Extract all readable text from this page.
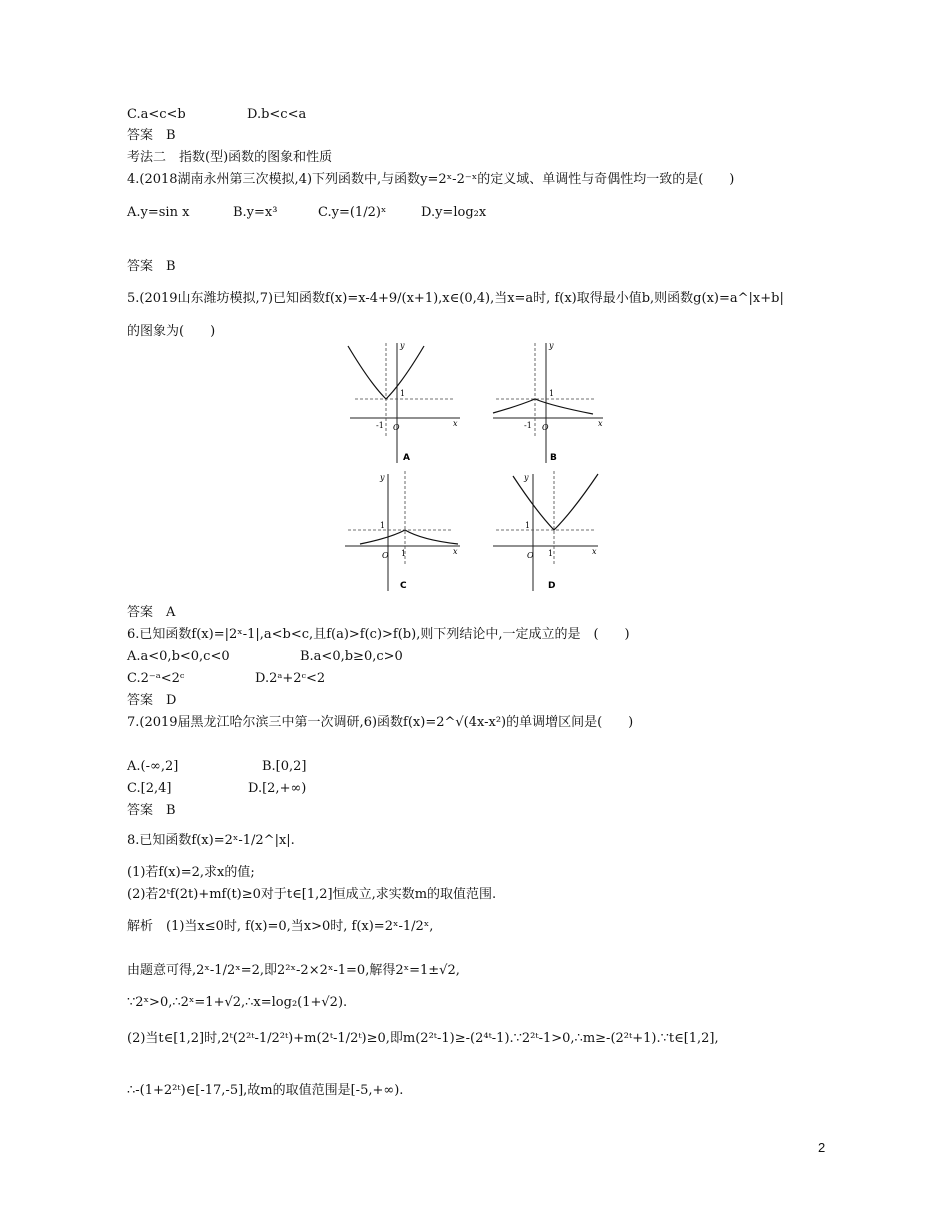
C.a<c<b	D.b<c<a
答案　B
考法二　指数(型)函数的图象和性质
4.(2018湖南永州第三次模拟,4)下列函数中,与函数y=2ˣ-2⁻ˣ的定义域、单调性与奇偶性均一致的是(　　)
A.y=sin x	B.y=x³	C.y=(1/2)ˣ	D.y=log₂x
答案　B
5.(2019山东潍坊模拟,7)已知函数f(x)=x-4+9/(x+1),x∈(0,4),当x=a时, f(x)取得最小值b,则函数g(x)=a^|x+b|
的图象为(　　)
-1
1
O	x
y
A
-1
1
O	x
y
B
1
1
O	x
y
C
1
1
O	x
y
D
答案　A
6.已知函数f(x)=|2ˣ-1|,a<b<c,且f(a)>f(c)>f(b),则下列结论中,一定成立的是　(　　)
A.a<0,b<0,c<0	B.a<0,b≥0,c>0
C.2⁻ᵃ<2ᶜ	D.2ᵃ+2ᶜ<2
答案　D
7.(2019届黑龙江哈尔滨三中第一次调研,6)函数f(x)=2^√(4x-x²)的单调增区间是(　　)
A.(-∞,2]	B.[0,2]
C.[2,4]	D.[2,+∞)
答案　B
8.已知函数f(x)=2ˣ-1/2^|x|.
(1)若f(x)=2,求x的值;
(2)若2ᵗf(2t)+mf(t)≥0对于t∈[1,2]恒成立,求实数m的取值范围.
解析　(1)当x≤0时, f(x)=0,当x>0时, f(x)=2ˣ-1/2ˣ,
由题意可得,2ˣ-1/2ˣ=2,即2²ˣ-2×2ˣ-1=0,解得2ˣ=1±√2,
∵2ˣ>0,∴2ˣ=1+√2,∴x=log₂(1+√2).
(2)当t∈[1,2]时,2ᵗ(2²ᵗ-1/2²ᵗ)+m(2ᵗ-1/2ᵗ)≥0,即m(2²ᵗ-1)≥-(2⁴ᵗ-1).∵2²ᵗ-1>0,∴m≥-(2²ᵗ+1).∵t∈[1,2],
∴-(1+2²ᵗ)∈[-17,-5],故m的取值范围是[-5,+∞).
2
